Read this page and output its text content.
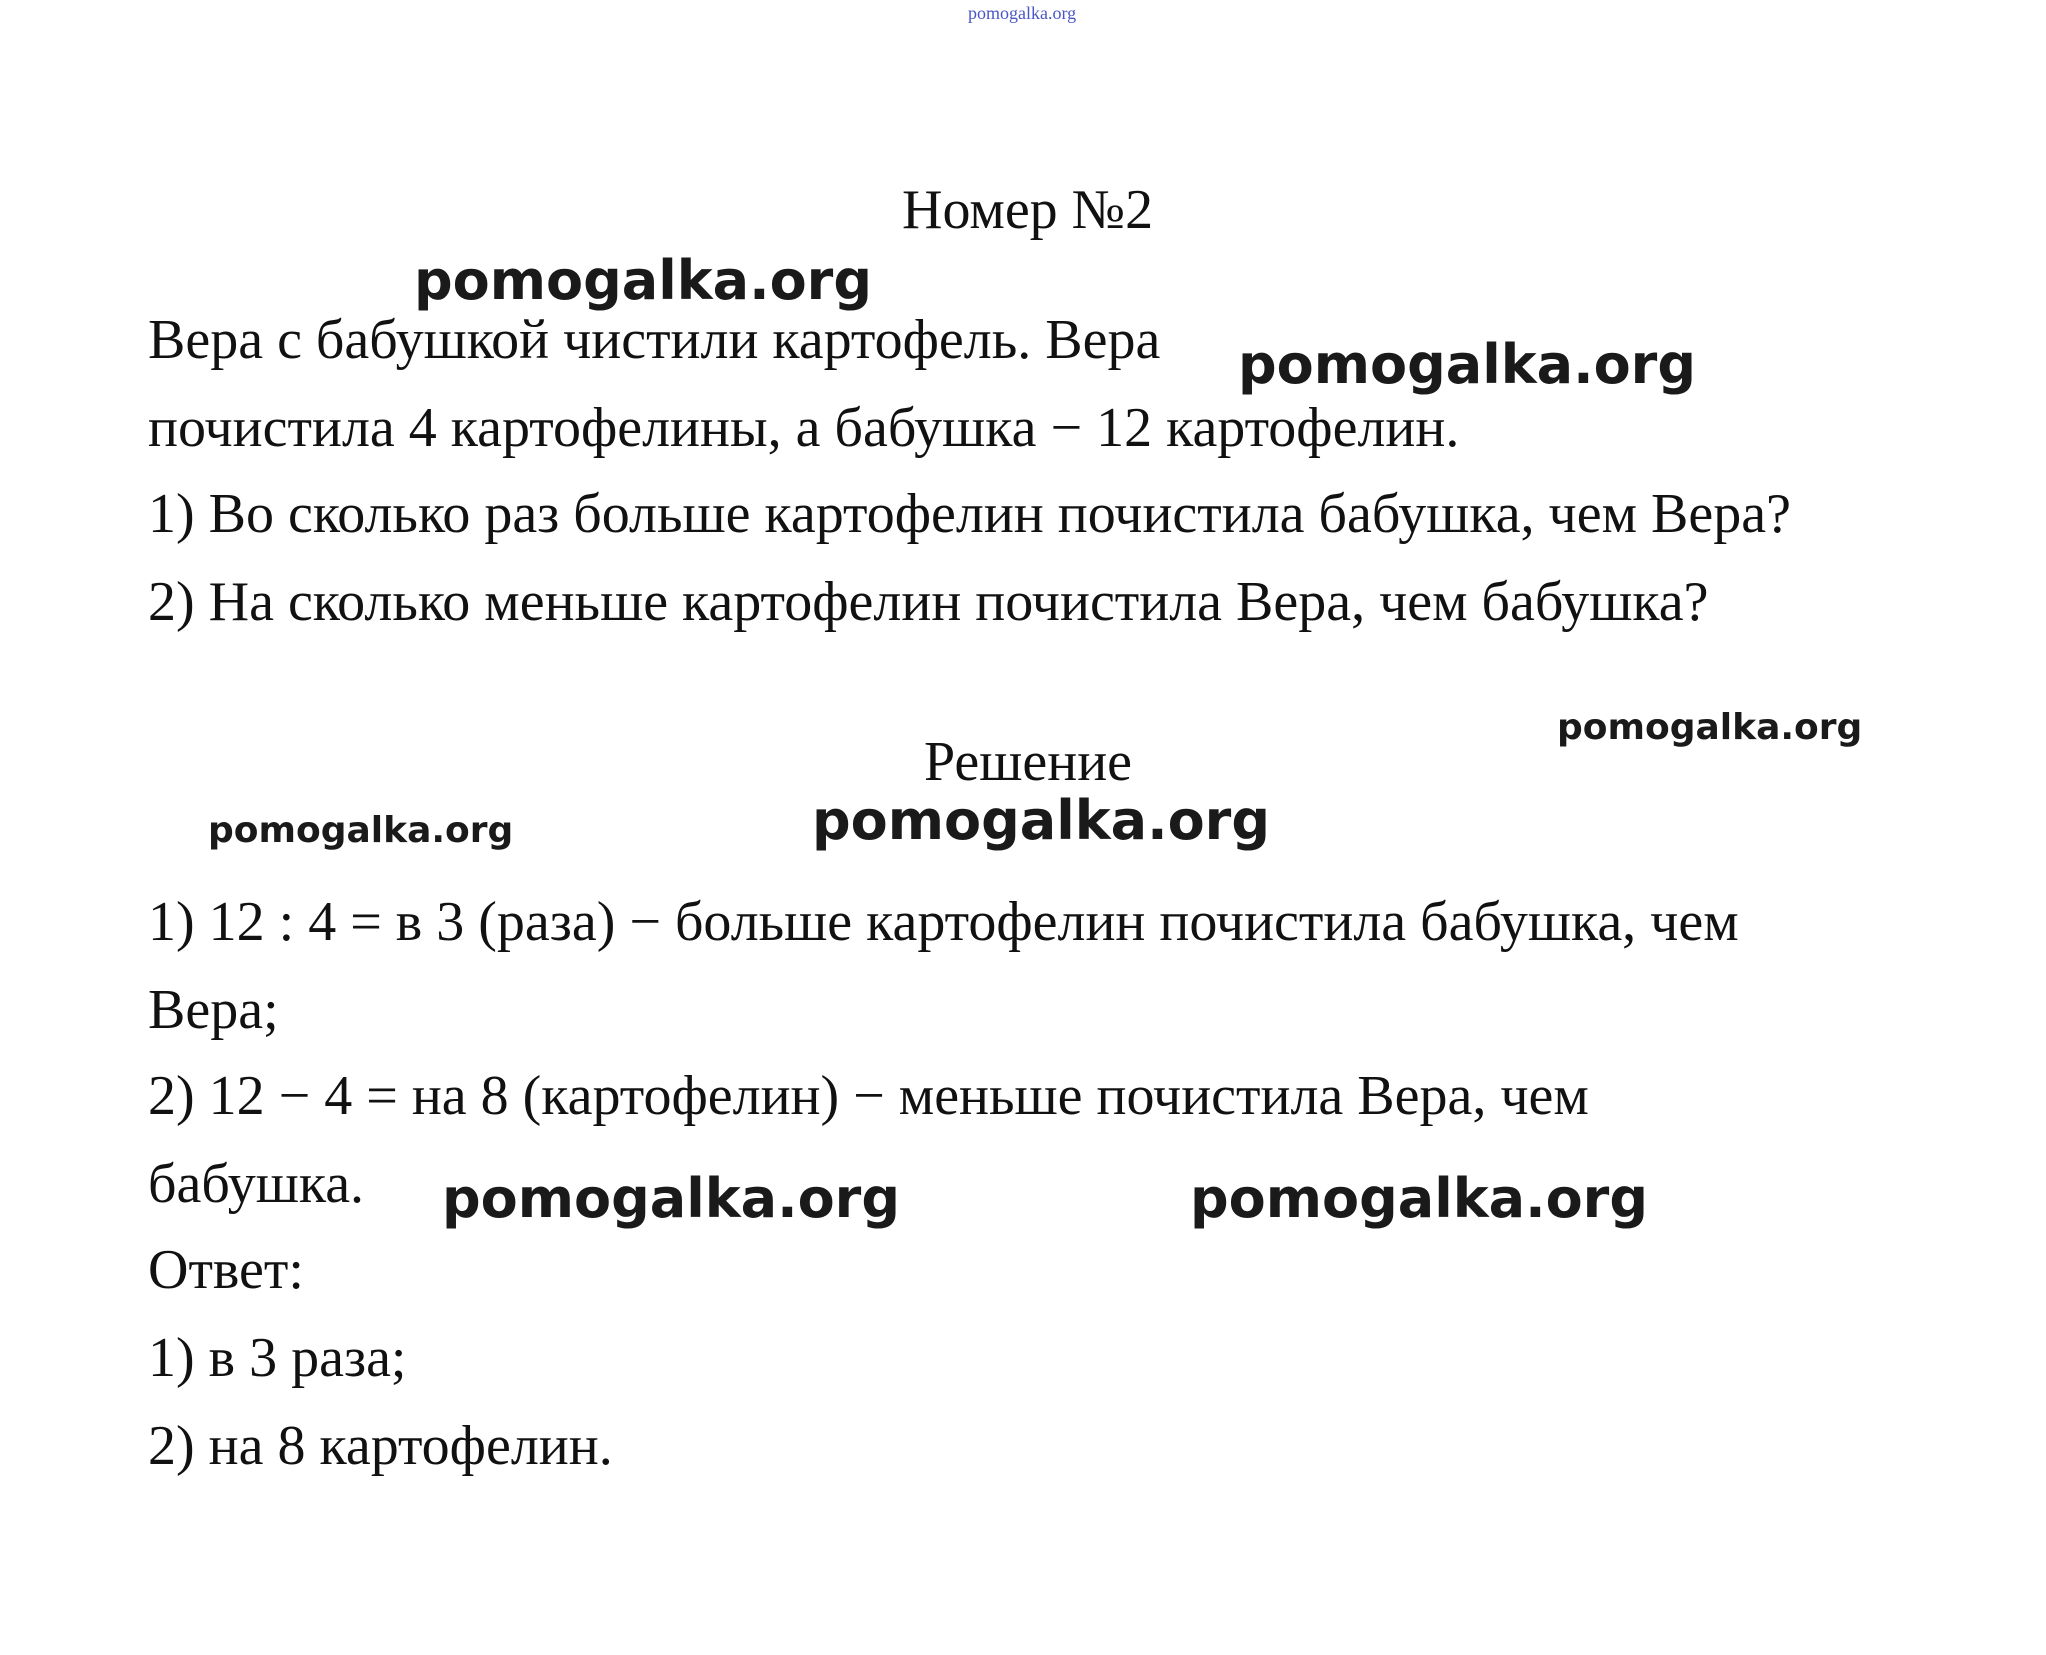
pomogalka.org
Номер №2
pomogalka.org
Вера с бабушкой чистили картофель. Вера pomogalka.org
почистила 4 картофелины, а бабушка − 12 картофелин.
1) Во сколько раз больше картофелин почистила бабушка, чем Вера?
2) На сколько меньше картофелин почистила Вера, чем бабушка?
pomogalka.org
Решение
pomogalka.org	pomogalka.org
1) 12 : 4 = в 3 (раза) − больше картофелин почистила бабушка, чем
Вера;
2) 12 − 4 = на 8 (картофелин) − меньше почистила Вера, чем
бабушка. pomogalka.org	pomogalka.org
Ответ:
1) в 3 раза;
2) на 8 картофелин.
